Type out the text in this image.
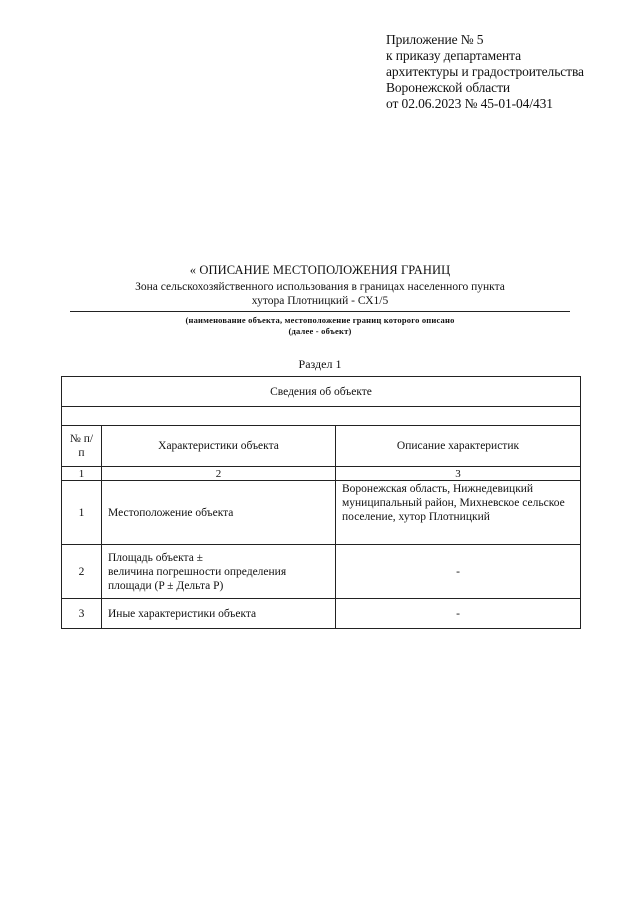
Приложение № 5
к приказу департамента
архитектуры и градостроительства
Воронежской области
от 02.06.2023 № 45-01-04/431
« ОПИСАНИЕ МЕСТОПОЛОЖЕНИЯ ГРАНИЦ
Зона сельскохозяйственного использования в границах населенного пункта
хутора Плотницкий - СХ1/5
(наименование объекта, местоположение границ которого описано
(далее - объект)
Раздел 1
Сведения об объекте		

№ п/п	Характеристики объекта	Описание характеристик
1	2	3
1	Местоположение объекта	Воронежская область, Нижнедевицкий муниципальный район, Михневское сельское поселение, хутор Плотницкий
2	Площадь объекта ±
величина погрешности определения
площади (P ± Дельта P)	-
3	Иные характеристики объекта	-
